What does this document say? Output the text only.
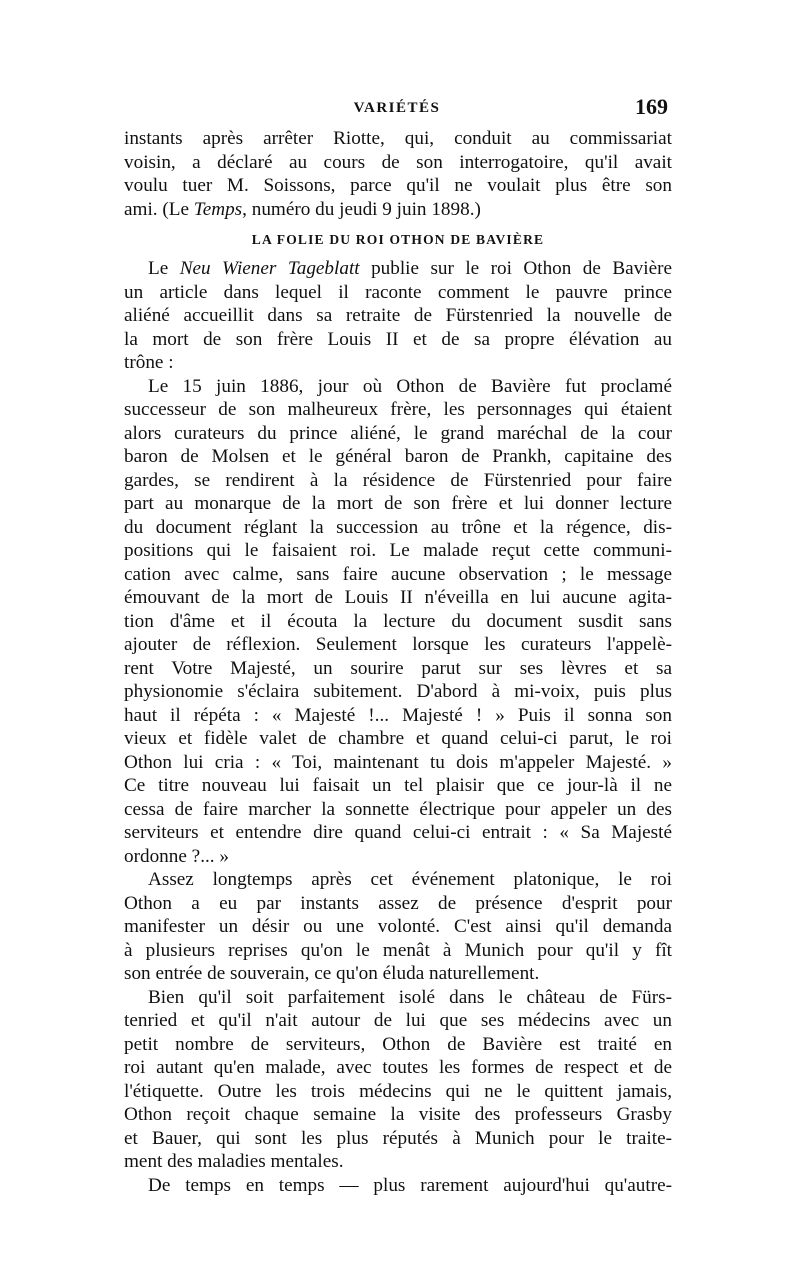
VARIÉTÉS	169
instants après arrêter Riotte, qui, conduit au commissariat
voisin, a déclaré au cours de son interrogatoire, qu'il avait
voulu tuer M. Soissons, parce qu'il ne voulait plus être son
ami. (Le Temps, numéro du jeudi 9 juin 1898.)
LA FOLIE DU ROI OTHON DE BAVIÈRE
Le Neu Wiener Tageblatt publie sur le roi Othon de Bavière
un article dans lequel il raconte comment le pauvre prince
aliéné accueillit dans sa retraite de Fürstenried la nouvelle de
la mort de son frère Louis II et de sa propre élévation au
trône :
Le 15 juin 1886, jour où Othon de Bavière fut proclamé
successeur de son malheureux frère, les personnages qui étaient
alors curateurs du prince aliéné, le grand maréchal de la cour
baron de Molsen et le général baron de Prankh, capitaine des
gardes, se rendirent à la résidence de Fürstenried pour faire
part au monarque de la mort de son frère et lui donner lecture
du document réglant la succession au trône et la régence, dis-
positions qui le faisaient roi. Le malade reçut cette communi-
cation avec calme, sans faire aucune observation ; le message
émouvant de la mort de Louis II n'éveilla en lui aucune agita-
tion d'âme et il écouta la lecture du document susdit sans
ajouter de réflexion. Seulement lorsque les curateurs l'appelè-
rent Votre Majesté, un sourire parut sur ses lèvres et sa
physionomie s'éclaira subitement. D'abord à mi-voix, puis plus
haut il répéta : « Majesté !... Majesté ! » Puis il sonna son
vieux et fidèle valet de chambre et quand celui-ci parut, le roi
Othon lui cria : « Toi, maintenant tu dois m'appeler Majesté. »
Ce titre nouveau lui faisait un tel plaisir que ce jour-là il ne
cessa de faire marcher la sonnette électrique pour appeler un des
serviteurs et entendre dire quand celui-ci entrait : « Sa Majesté
ordonne ?... »
Assez longtemps après cet événement platonique, le roi
Othon a eu par instants assez de présence d'esprit pour
manifester un désir ou une volonté. C'est ainsi qu'il demanda
à plusieurs reprises qu'on le menât à Munich pour qu'il y fît
son entrée de souverain, ce qu'on éluda naturellement.
Bien qu'il soit parfaitement isolé dans le château de Fürs-
tenried et qu'il n'ait autour de lui que ses médecins avec un
petit nombre de serviteurs, Othon de Bavière est traité en
roi autant qu'en malade, avec toutes les formes de respect et de
l'étiquette. Outre les trois médecins qui ne le quittent jamais,
Othon reçoit chaque semaine la visite des professeurs Grasby
et Bauer, qui sont les plus réputés à Munich pour le traite-
ment des maladies mentales.
De temps en temps — plus rarement aujourd'hui qu'autre-
